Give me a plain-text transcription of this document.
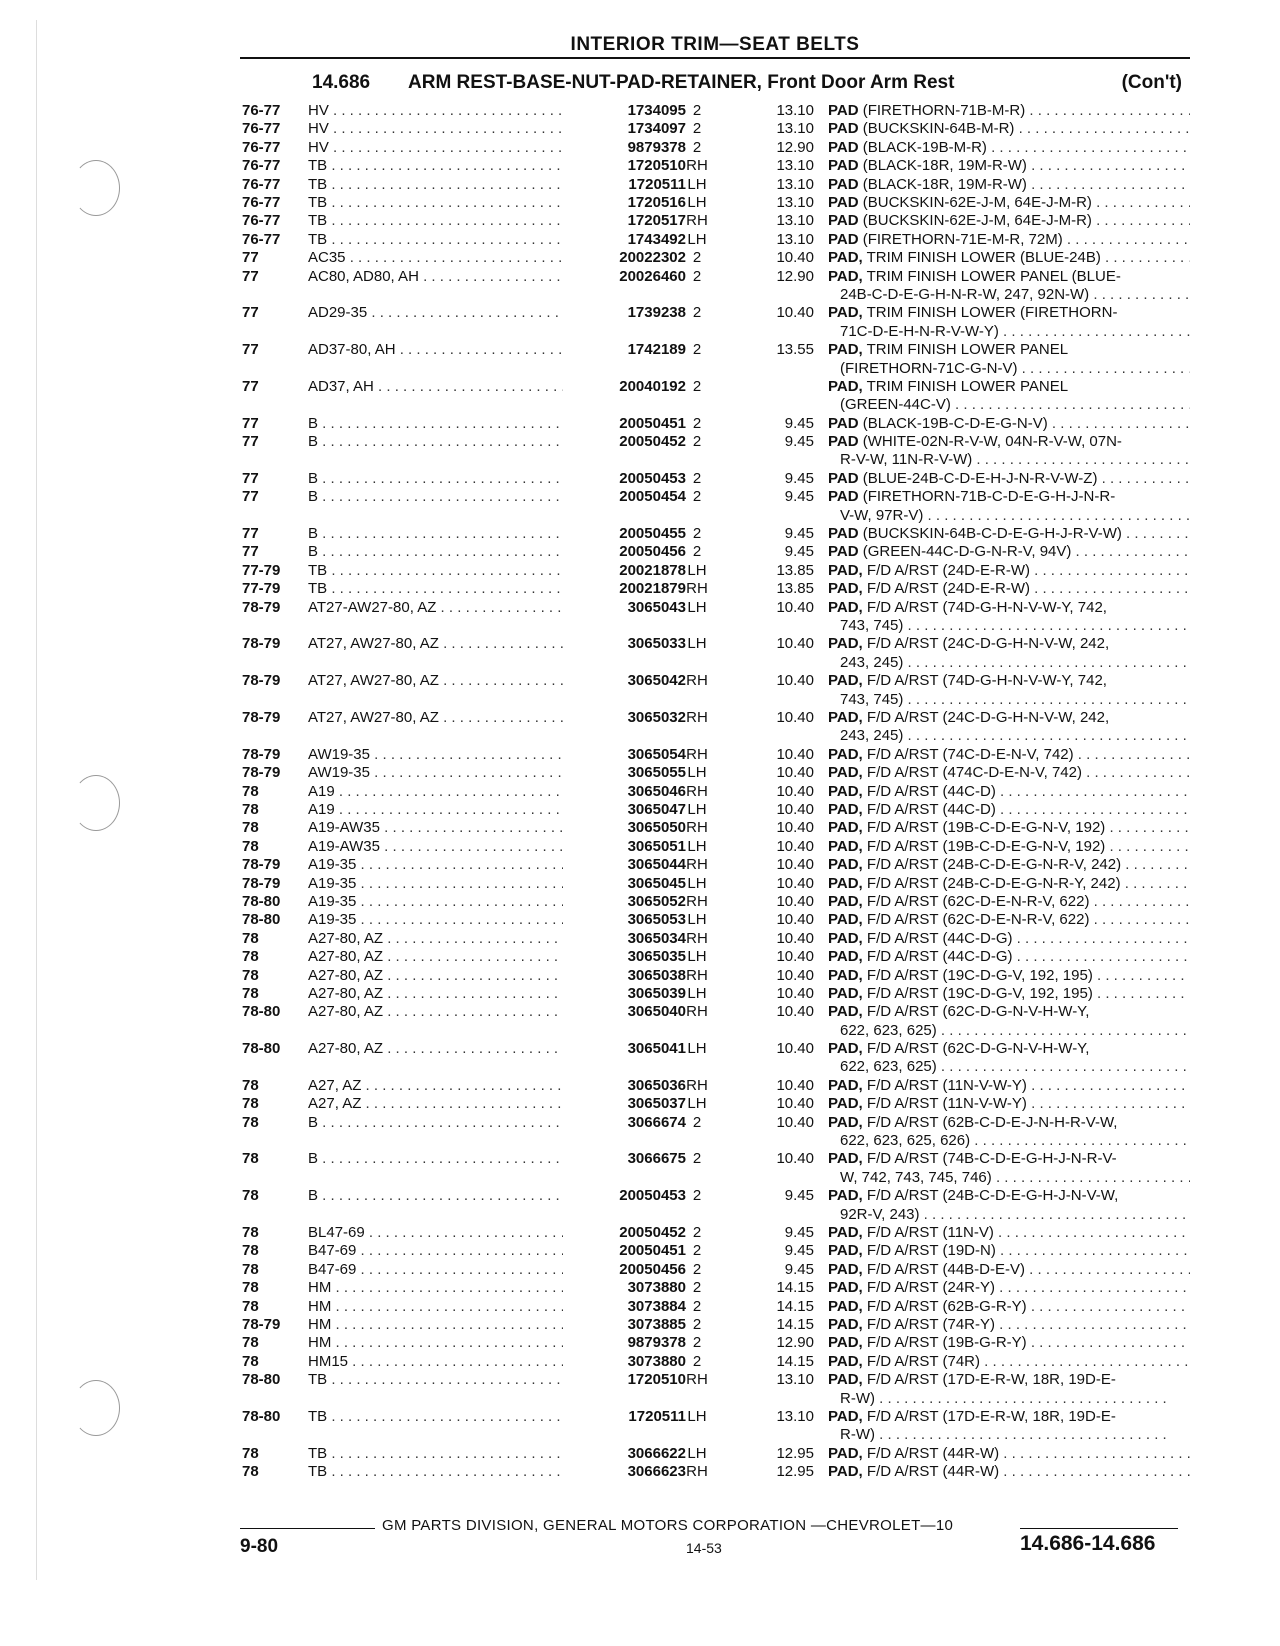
INTERIOR TRIM—SEAT BELTS
14.686 ARM REST-BASE-NUT-PAD-RETAINER, Front Door Arm Rest	(Con't)
76-77 HV . . .	1734095 2	13.10 PAD (FIRETHORN-71B-M-R) . . .
76-77 HV . . .	1734097 2	13.10 PAD (BUCKSKIN-64B-M-R) . . .
76-77 HV . . .	9879378 2	12.90 PAD (BLACK-19B-M-R) . . .
76-77 TB . . .	1720510 RH	13.10 PAD (BLACK-18R, 19M-R-W) . . .
76-77 TB . . .	1720511 LH	13.10 PAD (BLACK-18R, 19M-R-W) . . .
76-77 TB . . .	1720516 LH	13.10 PAD (BUCKSKIN-62E-J-M, 64E-J-M-R) . . .
76-77 TB . . .	1720517 RH	13.10 PAD (BUCKSKIN-62E-J-M, 64E-J-M-R) . . .
76-77 TB . . .	1743492 LH	13.10 PAD (FIRETHORN-71E-M-R, 72M) . . .
77	AC35 . . .	20022302 2	10.40 PAD, TRIM FINISH LOWER (BLUE-24B) . . .
77	AC80, AD80, AH . . .	20026460 2	12.90 PAD, TRIM FINISH LOWER PANEL (BLUE-
24B-C-D-E-G-H-N-R-W, 247, 92N-W) . . .
77	AD29-35 . . .	1739238 2	10.40 PAD, TRIM FINISH LOWER (FIRETHORN-
71C-D-E-H-N-R-V-W-Y) . . .
77	AD37-80, AH . . .	1742189 2	13.55 PAD, TRIM FINISH LOWER PANEL
(FIRETHORN-71C-G-N-V) . . .
77	AD37, AH . . .	20040192 2	PAD, TRIM FINISH LOWER PANEL
(GREEN-44C-V) . . .
77	B . . .	20050451 2	9.45 PAD (BLACK-19B-C-D-E-G-N-V) . . .
77	B . . .	20050452 2	9.45 PAD (WHITE-02N-R-V-W, 04N-R-V-W, 07N-
R-V-W, 11N-R-V-W) . . .
77	B . . .	20050453 2	9.45 PAD (BLUE-24B-C-D-E-H-J-N-R-V-W-Z) . . .
77	B . . .	20050454 2	9.45 PAD (FIRETHORN-71B-C-D-E-G-H-J-N-R-
V-W, 97R-V) . . .
77	B . . .	20050455 2	9.45 PAD (BUCKSKIN-64B-C-D-E-G-H-J-R-V-W) . . .
77	B . . .	20050456 2	9.45 PAD (GREEN-44C-D-G-N-R-V, 94V) . . .
77-79 TB . . .	20021878 LH	13.85 PAD, F/D A/RST (24D-E-R-W) . . .
77-79 TB . . .	20021879 RH	13.85 PAD, F/D A/RST (24D-E-R-W) . . .
78-79 AT27-AW27-80, AZ . . .	3065043 LH	10.40 PAD, F/D A/RST (74D-G-H-N-V-W-Y, 742,
743, 745) . . .
78-79 AT27, AW27-80, AZ . . .	3065033 LH	10.40 PAD, F/D A/RST (24C-D-G-H-N-V-W, 242,
243, 245) . . .
78-79 AT27, AW27-80, AZ . . .	3065042 RH	10.40 PAD, F/D A/RST (74D-G-H-N-V-W-Y, 742,
743, 745) . . .
78-79 AT27, AW27-80, AZ . . .	3065032 RH	10.40 PAD, F/D A/RST (24C-D-G-H-N-V-W, 242,
243, 245) . . .
78-79 AW19-35 . . .	3065054 RH	10.40 PAD, F/D A/RST (74C-D-E-N-V, 742) . . .
78-79 AW19-35 . . .	3065055 LH	10.40 PAD, F/D A/RST (474C-D-E-N-V, 742) . . .
78	A19 . . .	3065046 RH	10.40 PAD, F/D A/RST (44C-D) . . .
78	A19 . . .	3065047 LH	10.40 PAD, F/D A/RST (44C-D) . . .
78	A19-AW35 . . .	3065050 RH	10.40 PAD, F/D A/RST (19B-C-D-E-G-N-V, 192) . . .
78	A19-AW35 . . .	3065051 LH	10.40 PAD, F/D A/RST (19B-C-D-E-G-N-V, 192) . . .
78-79 A19-35 . . .	3065044 RH	10.40 PAD, F/D A/RST (24B-C-D-E-G-N-R-V, 242) . . .
78-79 A19-35 . . .	3065045 LH	10.40 PAD, F/D A/RST (24B-C-D-E-G-N-R-Y, 242) . . .
78-80 A19-35 . . .	3065052 RH	10.40 PAD, F/D A/RST (62C-D-E-N-R-V, 622) . . .
78-80 A19-35 . . .	3065053 LH	10.40 PAD, F/D A/RST (62C-D-E-N-R-V, 622) . . .
78	A27-80, AZ . . .	3065034 RH	10.40 PAD, F/D A/RST (44C-D-G) . . .
78	A27-80, AZ . . .	3065035 LH	10.40 PAD, F/D A/RST (44C-D-G) . . .
78	A27-80, AZ . . .	3065038 RH	10.40 PAD, F/D A/RST (19C-D-G-V, 192, 195) . . .
78	A27-80, AZ . . .	3065039 LH	10.40 PAD, F/D A/RST (19C-D-G-V, 192, 195) . . .
78-80 A27-80, AZ . . .	3065040 RH	10.40 PAD, F/D A/RST (62C-D-G-N-V-H-W-Y,
622, 623, 625) . . .
78-80 A27-80, AZ . . .	3065041 LH	10.40 PAD, F/D A/RST (62C-D-G-N-V-H-W-Y,
622, 623, 625) . . .
78	A27, AZ . . .	3065036 RH	10.40 PAD, F/D A/RST (11N-V-W-Y) . . .
78	A27, AZ . . .	3065037 LH	10.40 PAD, F/D A/RST (11N-V-W-Y) . . .
78	B . . .	3066674 2	10.40 PAD, F/D A/RST (62B-C-D-E-J-N-H-R-V-W,
622, 623, 625, 626) . . .
78	B . . .	3066675 2	10.40 PAD, F/D A/RST (74B-C-D-E-G-H-J-N-R-V-
W, 742, 743, 745, 746) . . .
78	B . . .	20050453 2	9.45 PAD, F/D A/RST (24B-C-D-E-G-H-J-N-V-W,
92R-V, 243) . . .
78	BL47-69 . . .	20050452 2	9.45 PAD, F/D A/RST (11N-V) . . .
78	B47-69 . . .	20050451 2	9.45 PAD, F/D A/RST (19D-N) . . .
78	B47-69 . . .	20050456 2	9.45 PAD, F/D A/RST (44B-D-E-V) . . .
78	HM . . .	3073880 2	14.15 PAD, F/D A/RST (24R-Y) . . .
78	HM . . .	3073884 2	14.15 PAD, F/D A/RST (62B-G-R-Y) . . .
78-79 HM . . .	3073885 2	14.15 PAD, F/D A/RST (74R-Y) . . .
78	HM . . .	9879378 2	12.90 PAD, F/D A/RST (19B-G-R-Y) . . .
78	HM15 . . .	3073880 2	14.15 PAD, F/D A/RST (74R) . . .
78-80 TB . . .	1720510 RH	13.10 PAD, F/D A/RST (17D-E-R-W, 18R, 19D-E-
R-W) . . .
78-80 TB . . .	1720511 LH	13.10 PAD, F/D A/RST (17D-E-R-W, 18R, 19D-E-
R-W) . . .
78	TB . . .	3066622 LH	12.95 PAD, F/D A/RST (44R-W) . . .
78	TB . . .	3066623 RH	12.95 PAD, F/D A/RST (44R-W) . . .
GM PARTS DIVISION, GENERAL MOTORS CORPORATION —CHEVROLET—10
9-80	14-53	14.686-14.686
